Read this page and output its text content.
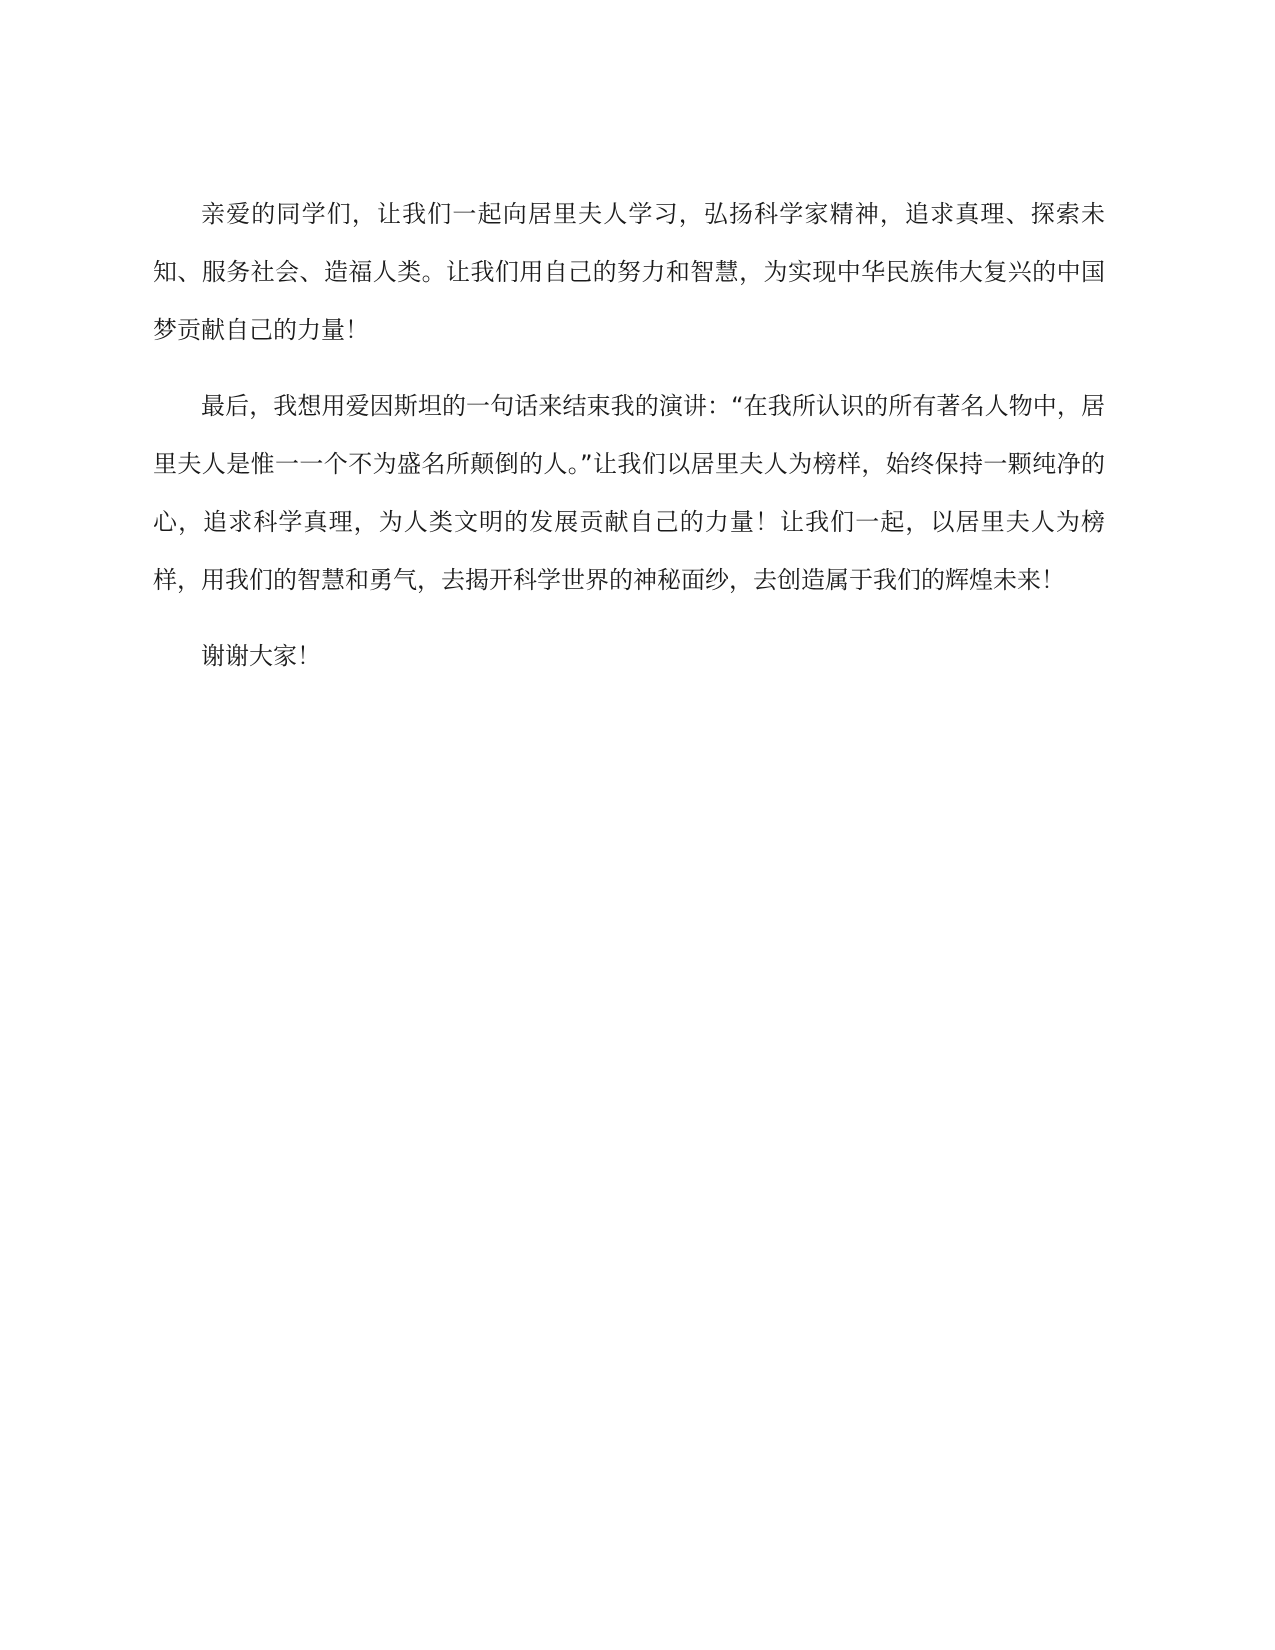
亲爱的同学们，让我们一起向居里夫人学习，弘扬科学家精神，追求真理、探索未知、服务社会、造福人类。让我们用自己的努力和智慧，为实现中华民族伟大复兴的中国梦贡献自己的力量！

最后，我想用爱因斯坦的一句话来结束我的演讲：“在我所认识的所有著名人物中，居里夫人是惟一一个不为盛名所颠倒的人。”让我们以居里夫人为榜样，始终保持一颗纯净的心，追求科学真理，为人类文明的发展贡献自己的力量！让我们一起，以居里夫人为榜样，用我们的智慧和勇气，去揭开科学世界的神秘面纱，去创造属于我们的辉煌未来！

谢谢大家！
